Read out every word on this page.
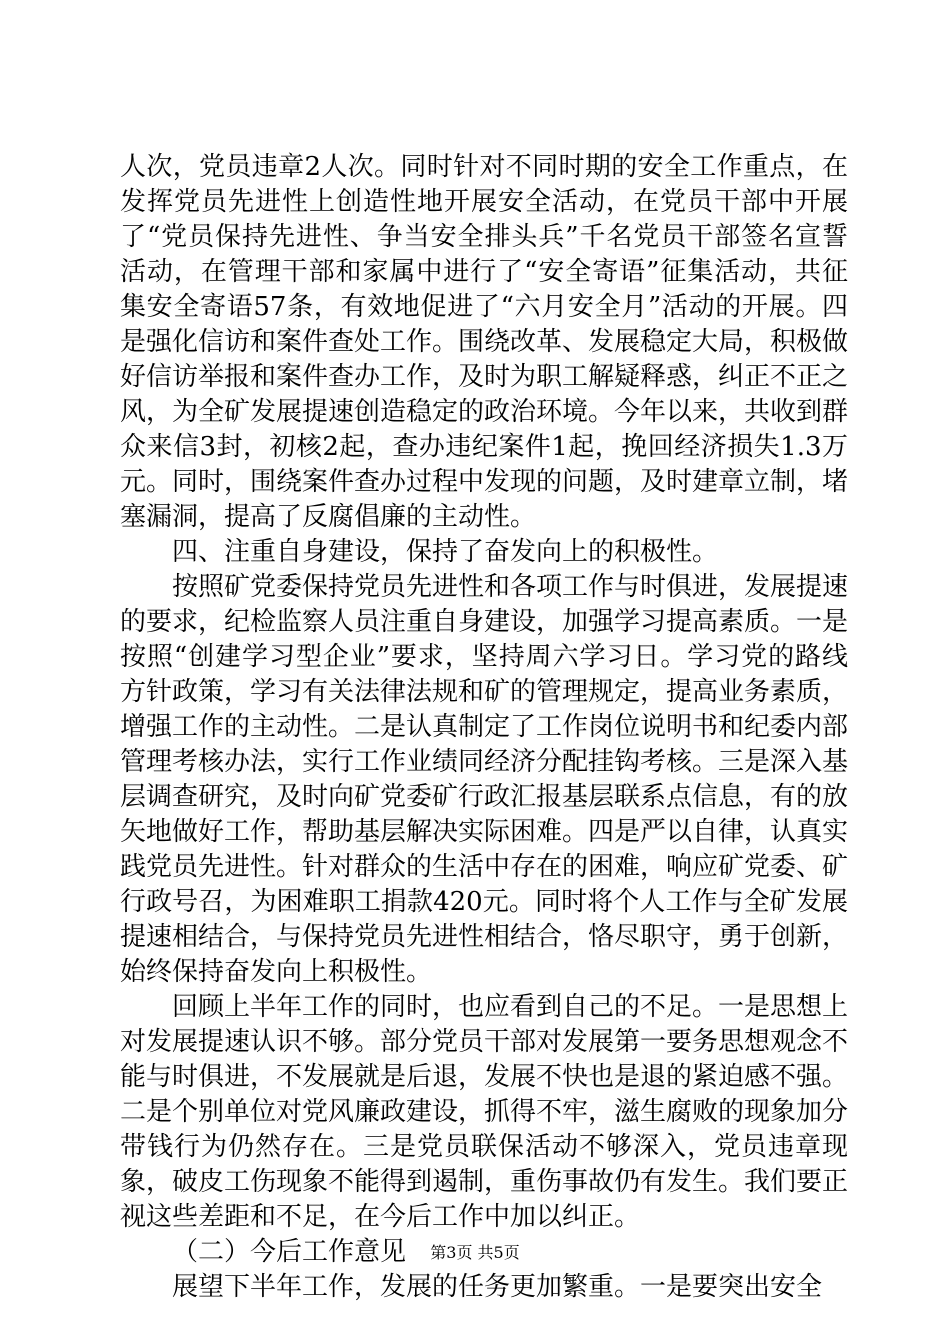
人次，党员违章2人次。同时针对不同时期的安全工作重点，在发挥党员先进性上创造性地开展安全活动，在党员干部中开展了“党员保持先进性、争当安全排头兵”千名党员干部签名宣誓活动，在管理干部和家属中进行了“安全寄语”征集活动，共征集安全寄语57条，有效地促进了“六月安全月”活动的开展。四是强化信访和案件查处工作。围绕改革、发展稳定大局，积极做好信访举报和案件查办工作，及时为职工解疑释惑，纠正不正之风，为全矿发展提速创造稳定的政治环境。今年以来，共收到群众来信3封，初核2起，查办违纪案件1起，挽回经济损失1.3万元。同时，围绕案件查办过程中发现的问题，及时建章立制，堵塞漏洞，提高了反腐倡廉的主动性。

四、注重自身建设，保持了奋发向上的积极性。

按照矿党委保持党员先进性和各项工作与时俱进，发展提速的要求，纪检监察人员注重自身建设，加强学习提高素质。一是按照“创建学习型企业”要求，坚持周六学习日。学习党的路线方针政策，学习有关法律法规和矿的管理规定，提高业务素质，增强工作的主动性。二是认真制定了工作岗位说明书和纪委内部管理考核办法，实行工作业绩同经济分配挂钩考核。三是深入基层调查研究，及时向矿党委矿行政汇报基层联系点信息，有的放矢地做好工作，帮助基层解决实际困难。四是严以自律，认真实践党员先进性。针对群众的生活中存在的困难，响应矿党委、矿行政号召，为困难职工捐款420元。同时将个人工作与全矿发展提速相结合，与保持党员先进性相结合，恪尽职守，勇于创新，始终保持奋发向上积极性。

回顾上半年工作的同时，也应看到自己的不足。一是思想上对发展提速认识不够。部分党员干部对发展第一要务思想观念不能与时俱进，不发展就是后退，发展不快也是退的紧迫感不强。二是个别单位对党风廉政建设，抓得不牢，滋生腐败的现象加分带钱行为仍然存在。三是党员联保活动不够深入，党员违章现象，破皮工伤现象不能得到遏制，重伤事故仍有发生。我们要正视这些差距和不足，在今后工作中加以纠正。

（二）今后工作意见

展望下半年工作，发展的任务更加繁重。一是要突出安全

第3页 共5页
